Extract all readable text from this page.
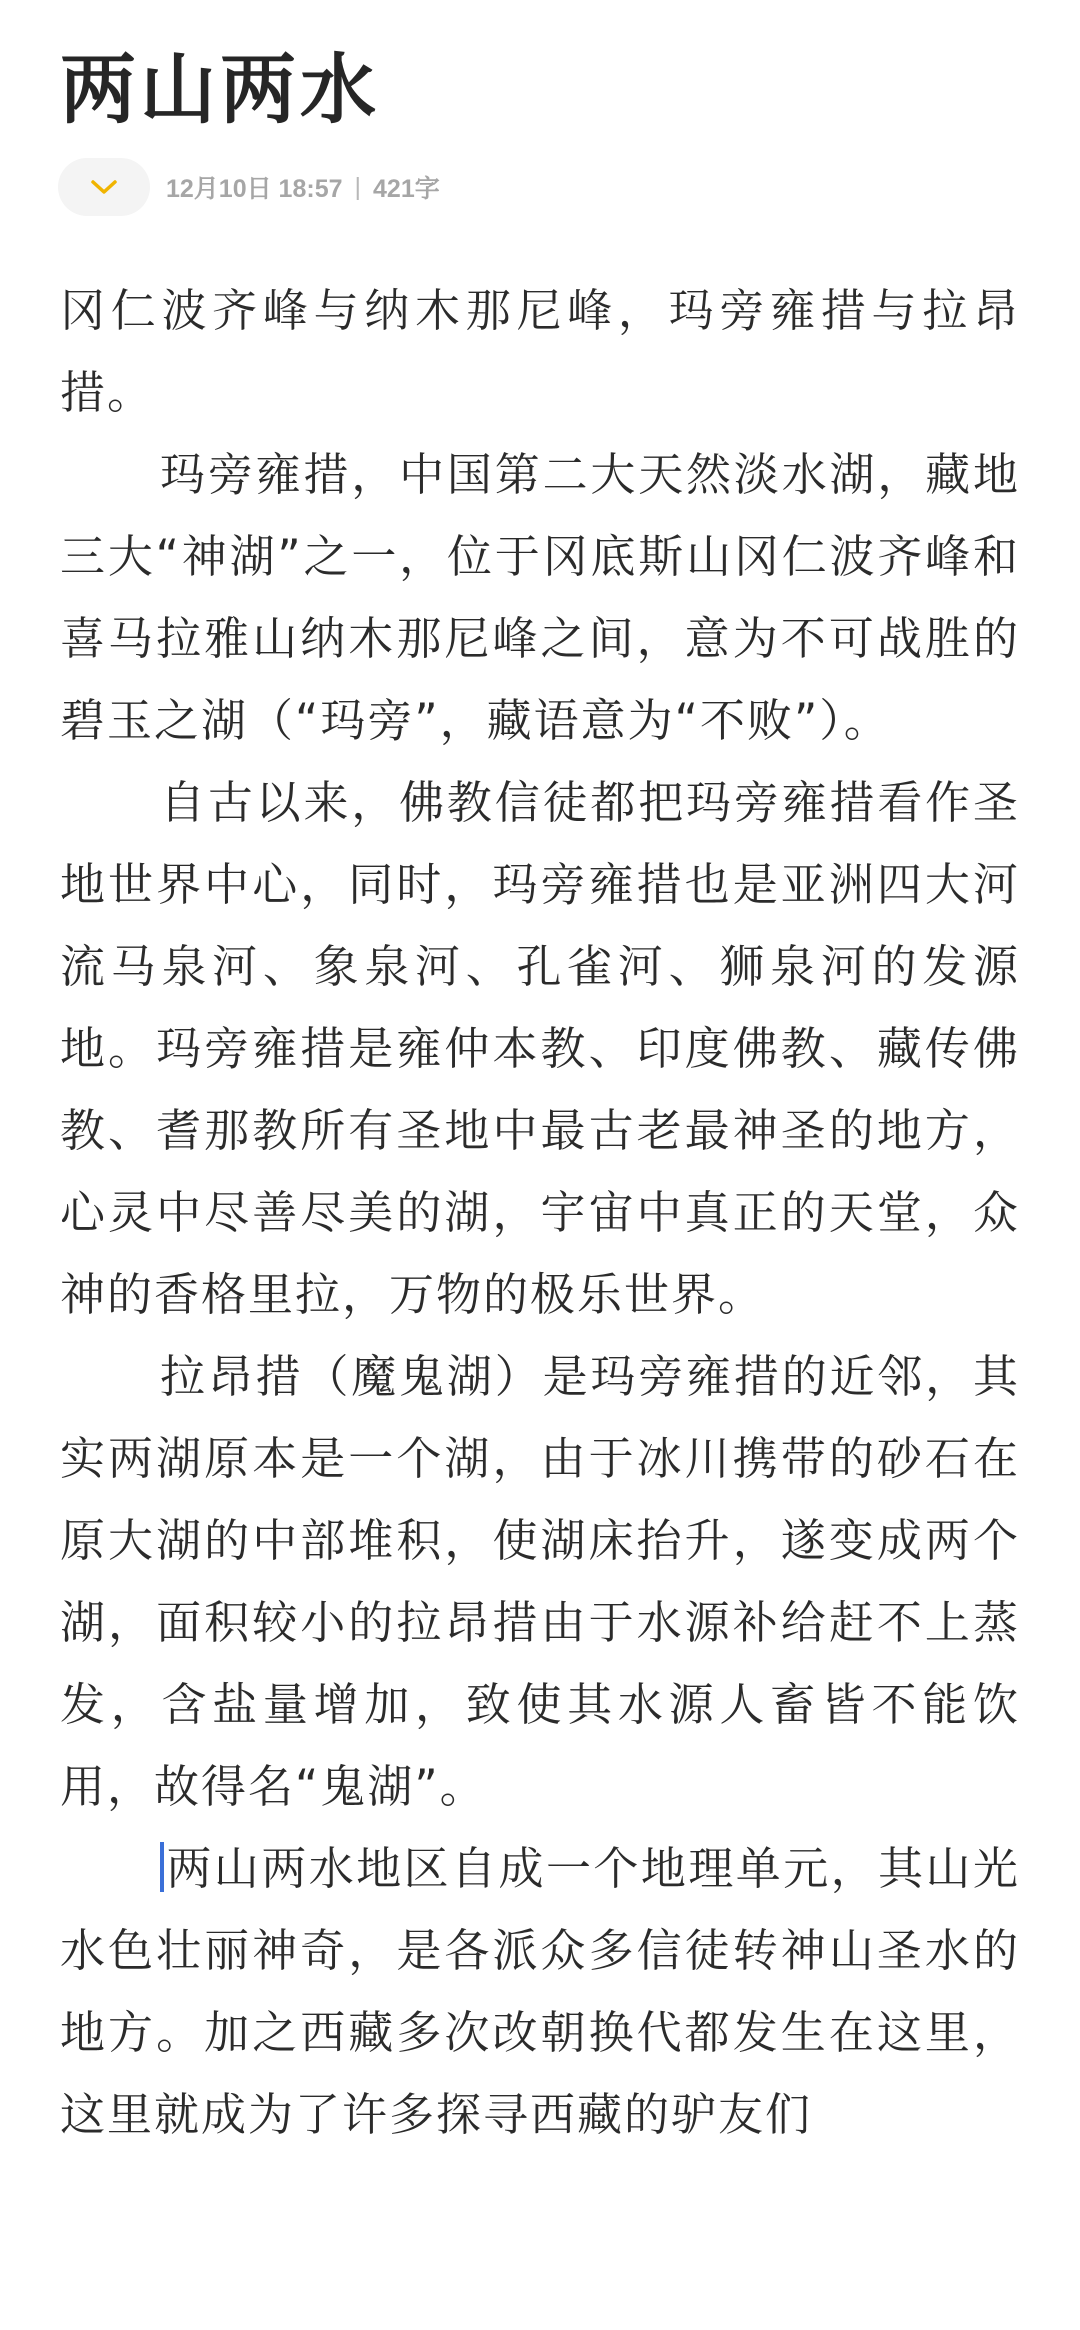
两山两水
12月10日 18:57 | 421字

冈仁波齐峰与纳木那尼峰，玛旁雍措与拉昂措。

玛旁雍措，中国第二大天然淡水湖，藏地三大“神湖”之一，位于冈底斯山冈仁波齐峰和喜马拉雅山纳木那尼峰之间，意为不可战胜的碧玉之湖（“玛旁”，藏语意为“不败”）。

自古以来，佛教信徒都把玛旁雍措看作圣地世界中心，同时，玛旁雍措也是亚洲四大河流马泉河、象泉河、孔雀河、狮泉河的发源地。玛旁雍措是雍仲本教、印度佛教、藏传佛教、耆那教所有圣地中最古老最神圣的地方，心灵中尽善尽美的湖，宇宙中真正的天堂，众神的香格里拉，万物的极乐世界。

拉昂措（魔鬼湖）是玛旁雍措的近邻，其实两湖原本是一个湖，由于冰川携带的砂石在原大湖的中部堆积，使湖床抬升，遂变成两个湖，面积较小的拉昂措由于水源补给赶不上蒸发，含盐量增加，致使其水源人畜皆不能饮用，故得名“鬼湖”。

两山两水地区自成一个地理单元，其山光水色壮丽神奇，是各派众多信徒转神山圣水的地方。加之西藏多次改朝换代都发生在这里，这里就成为了许多探寻西藏的驴友们
